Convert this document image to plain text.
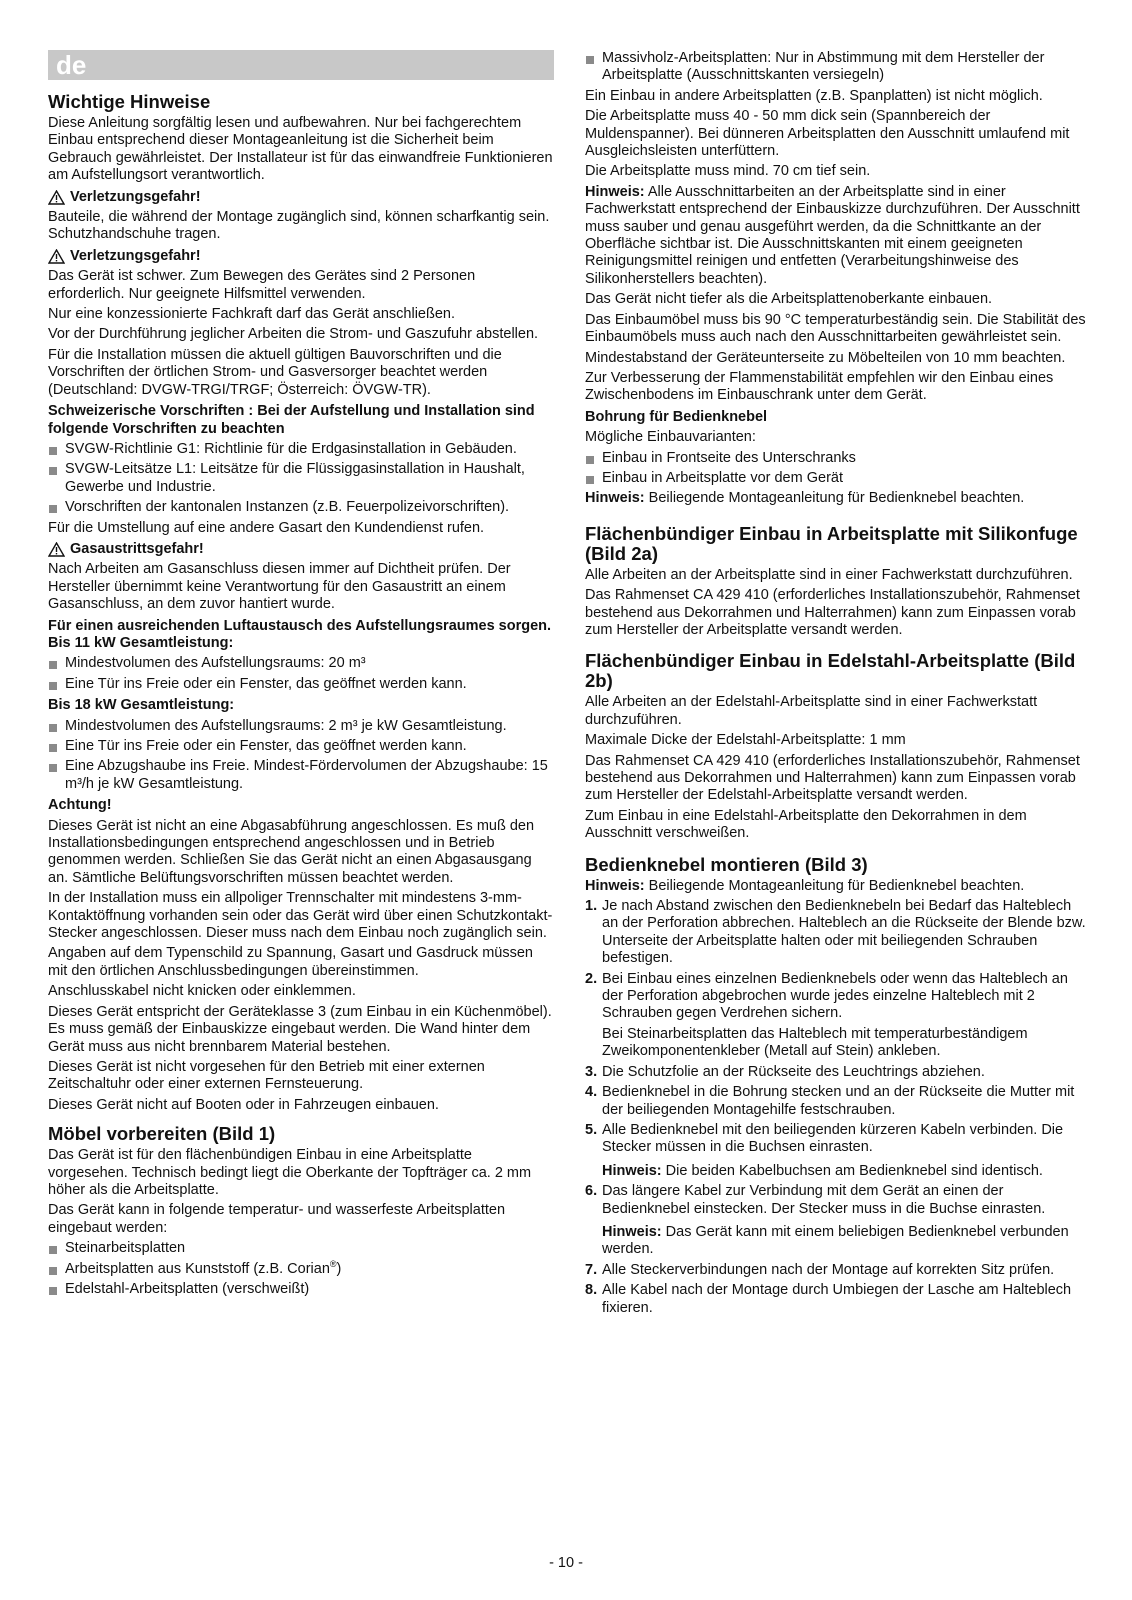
de
Wichtige Hinweise

Diese Anleitung sorgfältig lesen und aufbewahren. Nur bei fachgerechtem Einbau entsprechend dieser Montageanleitung ist die Sicherheit beim Gebrauch gewährleistet. Der Installateur ist für das einwandfreie Funktionieren am Aufstellungsort verantwortlich.

Verletzungsgefahr!

Bauteile, die während der Montage zugänglich sind, können scharfkantig sein. Schutzhandschuhe tragen.

Verletzungsgefahr!

Das Gerät ist schwer. Zum Bewegen des Gerätes sind 2 Personen erforderlich. Nur geeignete Hilfsmittel verwenden.

Nur eine konzessionierte Fachkraft darf das Gerät anschließen.

Vor der Durchführung jeglicher Arbeiten die Strom- und Gaszufuhr abstellen.

Für die Installation müssen die aktuell gültigen Bauvorschriften und die Vorschriften der örtlichen Strom- und Gasversorger beachtet werden (Deutschland: DVGW-TRGI/TRGF; Österreich: ÖVGW-TR).

Schweizerische Vorschriften : Bei der Aufstellung und Installation sind folgende Vorschriften zu beachten
SVGW-Richtlinie G1: Richtlinie für die Erdgasinstallation in Gebäuden.
SVGW-Leitsätze L1: Leitsätze für die Flüssiggasinstallation in Haushalt, Gewerbe und Industrie.
Vorschriften der kantonalen Instanzen (z.B. Feuerpolizeivorschriften).

Für die Umstellung auf eine andere Gasart den Kundendienst rufen.

Gasaustrittsgefahr!

Nach Arbeiten am Gasanschluss diesen immer auf Dichtheit prüfen. Der Hersteller übernimmt keine Verantwortung für den Gasaustritt an einem Gasanschluss, an dem zuvor hantiert wurde.

Für einen ausreichenden Luftaustausch des Aufstellungsraumes sorgen. Bis 11 kW Gesamtleistung:
Mindestvolumen des Aufstellungsraums: 20 m³
Eine Tür ins Freie oder ein Fenster, das geöffnet werden kann.
Bis 18 kW Gesamtleistung:
Mindestvolumen des Aufstellungsraums: 2 m³ je kW Gesamtleistung.
Eine Tür ins Freie oder ein Fenster, das geöffnet werden kann.
Eine Abzugshaube ins Freie. Mindest-Fördervolumen der Abzugshaube: 15 m³/h je kW Gesamtleistung.
Achtung!

Dieses Gerät ist nicht an eine Abgasabführung angeschlossen. Es muß den Installationsbedingungen entsprechend angeschlossen und in Betrieb genommen werden. Schließen Sie das Gerät nicht an einen Abgasausgang an. Sämtliche Belüftungsvorschriften müssen beachtet werden.

In der Installation muss ein allpoliger Trennschalter mit mindestens 3-mm-Kontaktöffnung vorhanden sein oder das Gerät wird über einen Schutzkontakt-Stecker angeschlossen. Dieser muss nach dem Einbau noch zugänglich sein.

Angaben auf dem Typenschild zu Spannung, Gasart und Gasdruck müssen mit den örtlichen Anschlussbedingungen übereinstimmen.

Anschlusskabel nicht knicken oder einklemmen.

Dieses Gerät entspricht der Geräteklasse 3 (zum Einbau in ein Küchenmöbel). Es muss gemäß der Einbauskizze eingebaut werden. Die Wand hinter dem Gerät muss aus nicht brennbarem Material bestehen.

Dieses Gerät ist nicht vorgesehen für den Betrieb mit einer externen Zeitschaltuhr oder einer externen Fernsteuerung.

Dieses Gerät nicht auf Booten oder in Fahrzeugen einbauen.

Möbel vorbereiten (Bild 1)

Das Gerät ist für den flächenbündigen Einbau in eine Arbeitsplatte vorgesehen. Technisch bedingt liegt die Oberkante der Topfträger ca. 2 mm höher als die Arbeitsplatte.

Das Gerät kann in folgende temperatur- und wasserfeste Arbeitsplatten eingebaut werden:

Steinarbeitsplatten
Arbeitsplatten aus Kunststoff (z.B. Corian®)
Edelstahl-Arbeitsplatten (verschweißt)
Massivholz-Arbeitsplatten: Nur in Abstimmung mit dem Hersteller der Arbeitsplatte (Ausschnittskanten versiegeln)

Ein Einbau in andere Arbeitsplatten (z.B. Spanplatten) ist nicht möglich.

Die Arbeitsplatte muss 40 - 50 mm dick sein (Spannbereich der Muldenspanner). Bei dünneren Arbeitsplatten den Ausschnitt umlaufend mit Ausgleichsleisten unterfüttern.

Die Arbeitsplatte muss mind. 70 cm tief sein.

Hinweis: Alle Ausschnittarbeiten an der Arbeitsplatte sind in einer Fachwerkstatt entsprechend der Einbauskizze durchzuführen. Der Ausschnitt muss sauber und genau ausgeführt werden, da die Schnittkante an der Oberfläche sichtbar ist. Die Ausschnittskanten mit einem geeigneten Reinigungsmittel reinigen und entfetten (Verarbeitungshinweise des Silikonherstellers beachten).

Das Gerät nicht tiefer als die Arbeitsplattenoberkante einbauen.

Das Einbaumöbel muss bis 90 °C temperaturbeständig sein. Die Stabilität des Einbaumöbels muss auch nach den Ausschnittarbeiten gewährleistet sein.

Mindestabstand der Geräteunterseite zu Möbelteilen von 10 mm beachten.

Zur Verbesserung der Flammenstabilität empfehlen wir den Einbau eines Zwischenbodens im Einbauschrank unter dem Gerät.

Bohrung für Bedienknebel

Mögliche Einbauvarianten:

Einbau in Frontseite des Unterschranks
Einbau in Arbeitsplatte vor dem Gerät

Hinweis: Beiliegende Montageanleitung für Bedienknebel beachten.

Flächenbündiger Einbau in Arbeitsplatte mit Silikonfuge (Bild 2a)

Alle Arbeiten an der Arbeitsplatte sind in einer Fachwerkstatt durchzuführen.

Das Rahmenset CA 429 410 (erforderliches Installationszubehör, Rahmenset bestehend aus Dekorrahmen und Halterrahmen) kann zum Einpassen vorab zum Hersteller der Arbeitsplatte versandt werden.

Flächenbündiger Einbau in Edelstahl-Arbeitsplatte (Bild 2b)

Alle Arbeiten an der Edelstahl-Arbeitsplatte sind in einer Fachwerkstatt durchzuführen.

Maximale Dicke der Edelstahl-Arbeitsplatte: 1 mm

Das Rahmenset CA 429 410 (erforderliches Installationszubehör, Rahmenset bestehend aus Dekorrahmen und Halterrahmen) kann zum Einpassen vorab zum Hersteller der Edelstahl-Arbeitsplatte versandt werden.

Zum Einbau in eine Edelstahl-Arbeitsplatte den Dekorrahmen in dem Ausschnitt verschweißen.

Bedienknebel montieren (Bild 3)

Hinweis: Beiliegende Montageanleitung für Bedienknebel beachten.

1. Je nach Abstand zwischen den Bedienknebeln bei Bedarf das Halteblech an der Perforation abbrechen. Halteblech an die Rückseite der Blende bzw. Unterseite der Arbeitsplatte halten oder mit beiliegenden Schrauben befestigen.

2. Bei Einbau eines einzelnen Bedienknebels oder wenn das Halteblech an der Perforation abgebrochen wurde jedes einzelne Halteblech mit 2 Schrauben gegen Verdrehen sichern.

Bei Steinarbeitsplatten das Halteblech mit temperaturbeständigem Zweikomponentenkleber (Metall auf Stein) ankleben.

3. Die Schutzfolie an der Rückseite des Leuchtrings abziehen.

4. Bedienknebel in die Bohrung stecken und an der Rückseite die Mutter mit der beiliegenden Montagehilfe festschrauben.

5. Alle Bedienknebel mit den beiliegenden kürzeren Kabeln verbinden. Die Stecker müssen in die Buchsen einrasten.

Hinweis: Die beiden Kabelbuchsen am Bedienknebel sind identisch.

6. Das längere Kabel zur Verbindung mit dem Gerät an einen der Bedienknebel einstecken. Der Stecker muss in die Buchse einrasten.

Hinweis: Das Gerät kann mit einem beliebigen Bedienknebel verbunden werden.

7. Alle Steckerverbindungen nach der Montage auf korrekten Sitz prüfen.

8. Alle Kabel nach der Montage durch Umbiegen der Lasche am Halteblech fixieren.

- 10 -
